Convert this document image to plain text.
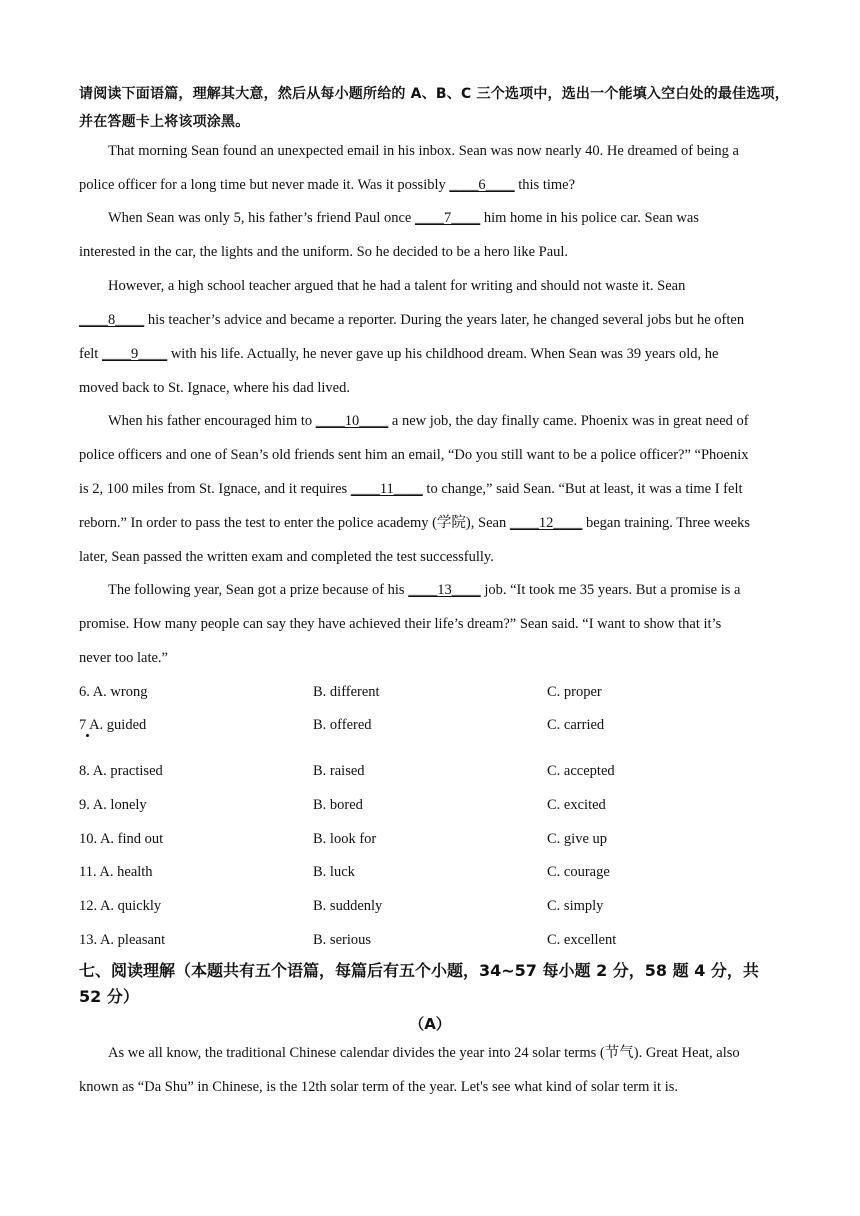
请阅读下面语篇，理解其大意，然后从每小题所给的 A、B、C 三个选项中，选出一个能填入空白处的最佳选项，并在答题卡上将该项涂黑。
That morning Sean found an unexpected email in his inbox. Sean was now nearly 40. He dreamed of being a
police officer for a long time but never made it. Was it possibly ____6____ this time?
When Sean was only 5, his father’s friend Paul once ____7____ him home in his police car. Sean was
interested in the car, the lights and the uniform. So he decided to be a hero like Paul.
However, a high school teacher argued that he had a talent for writing and should not waste it. Sean
____8____ his teacher’s advice and became a reporter. During the years later, he changed several jobs but he often
felt ____9____ with his life. Actually, he never gave up his childhood dream. When Sean was 39 years old, he
moved back to St. Ignace, where his dad lived.
When his father encouraged him to ____10____ a new job, the day finally came. Phoenix was in great need of
police officers and one of Sean’s old friends sent him an email, “Do you still want to be a police officer?” “Phoenix
is 2, 100 miles from St. Ignace, and it requires ____11____ to change,” said Sean. “But at least, it was a time I felt
reborn.” In order to pass the test to enter the police academy (学院), Sean ____12____ began training. Three weeks
later, Sean passed the written exam and completed the test successfully.
The following year, Sean got a prize because of his ____13____ job. “It took me 35 years. But a promise is a
promise. How many people can say they have achieved their life’s dream?” Sean said. “I want to show that it’s
never too late.”
6. A. wrong	B. different	C. proper
7 A. guided	B. offered	C. carried
8. A. practised	B. raised	C. accepted
9. A. lonely	B. bored	C. excited
10. A. find out	B. look for	C. give up
11. A. health	B. luck	C. courage
12. A. quickly	B. suddenly	C. simply
13. A. pleasant	B. serious	C. excellent
七、阅读理解（本题共有五个语篇，每篇后有五个小题，34~57 每小题 2 分，58 题 4 分，共 52 分）
（A）
As we all know, the traditional Chinese calendar divides the year into 24 solar terms (节气). Great Heat, also
known as “Da Shu” in Chinese, is the 12th solar term of the year. Let's see what kind of solar term it is.
